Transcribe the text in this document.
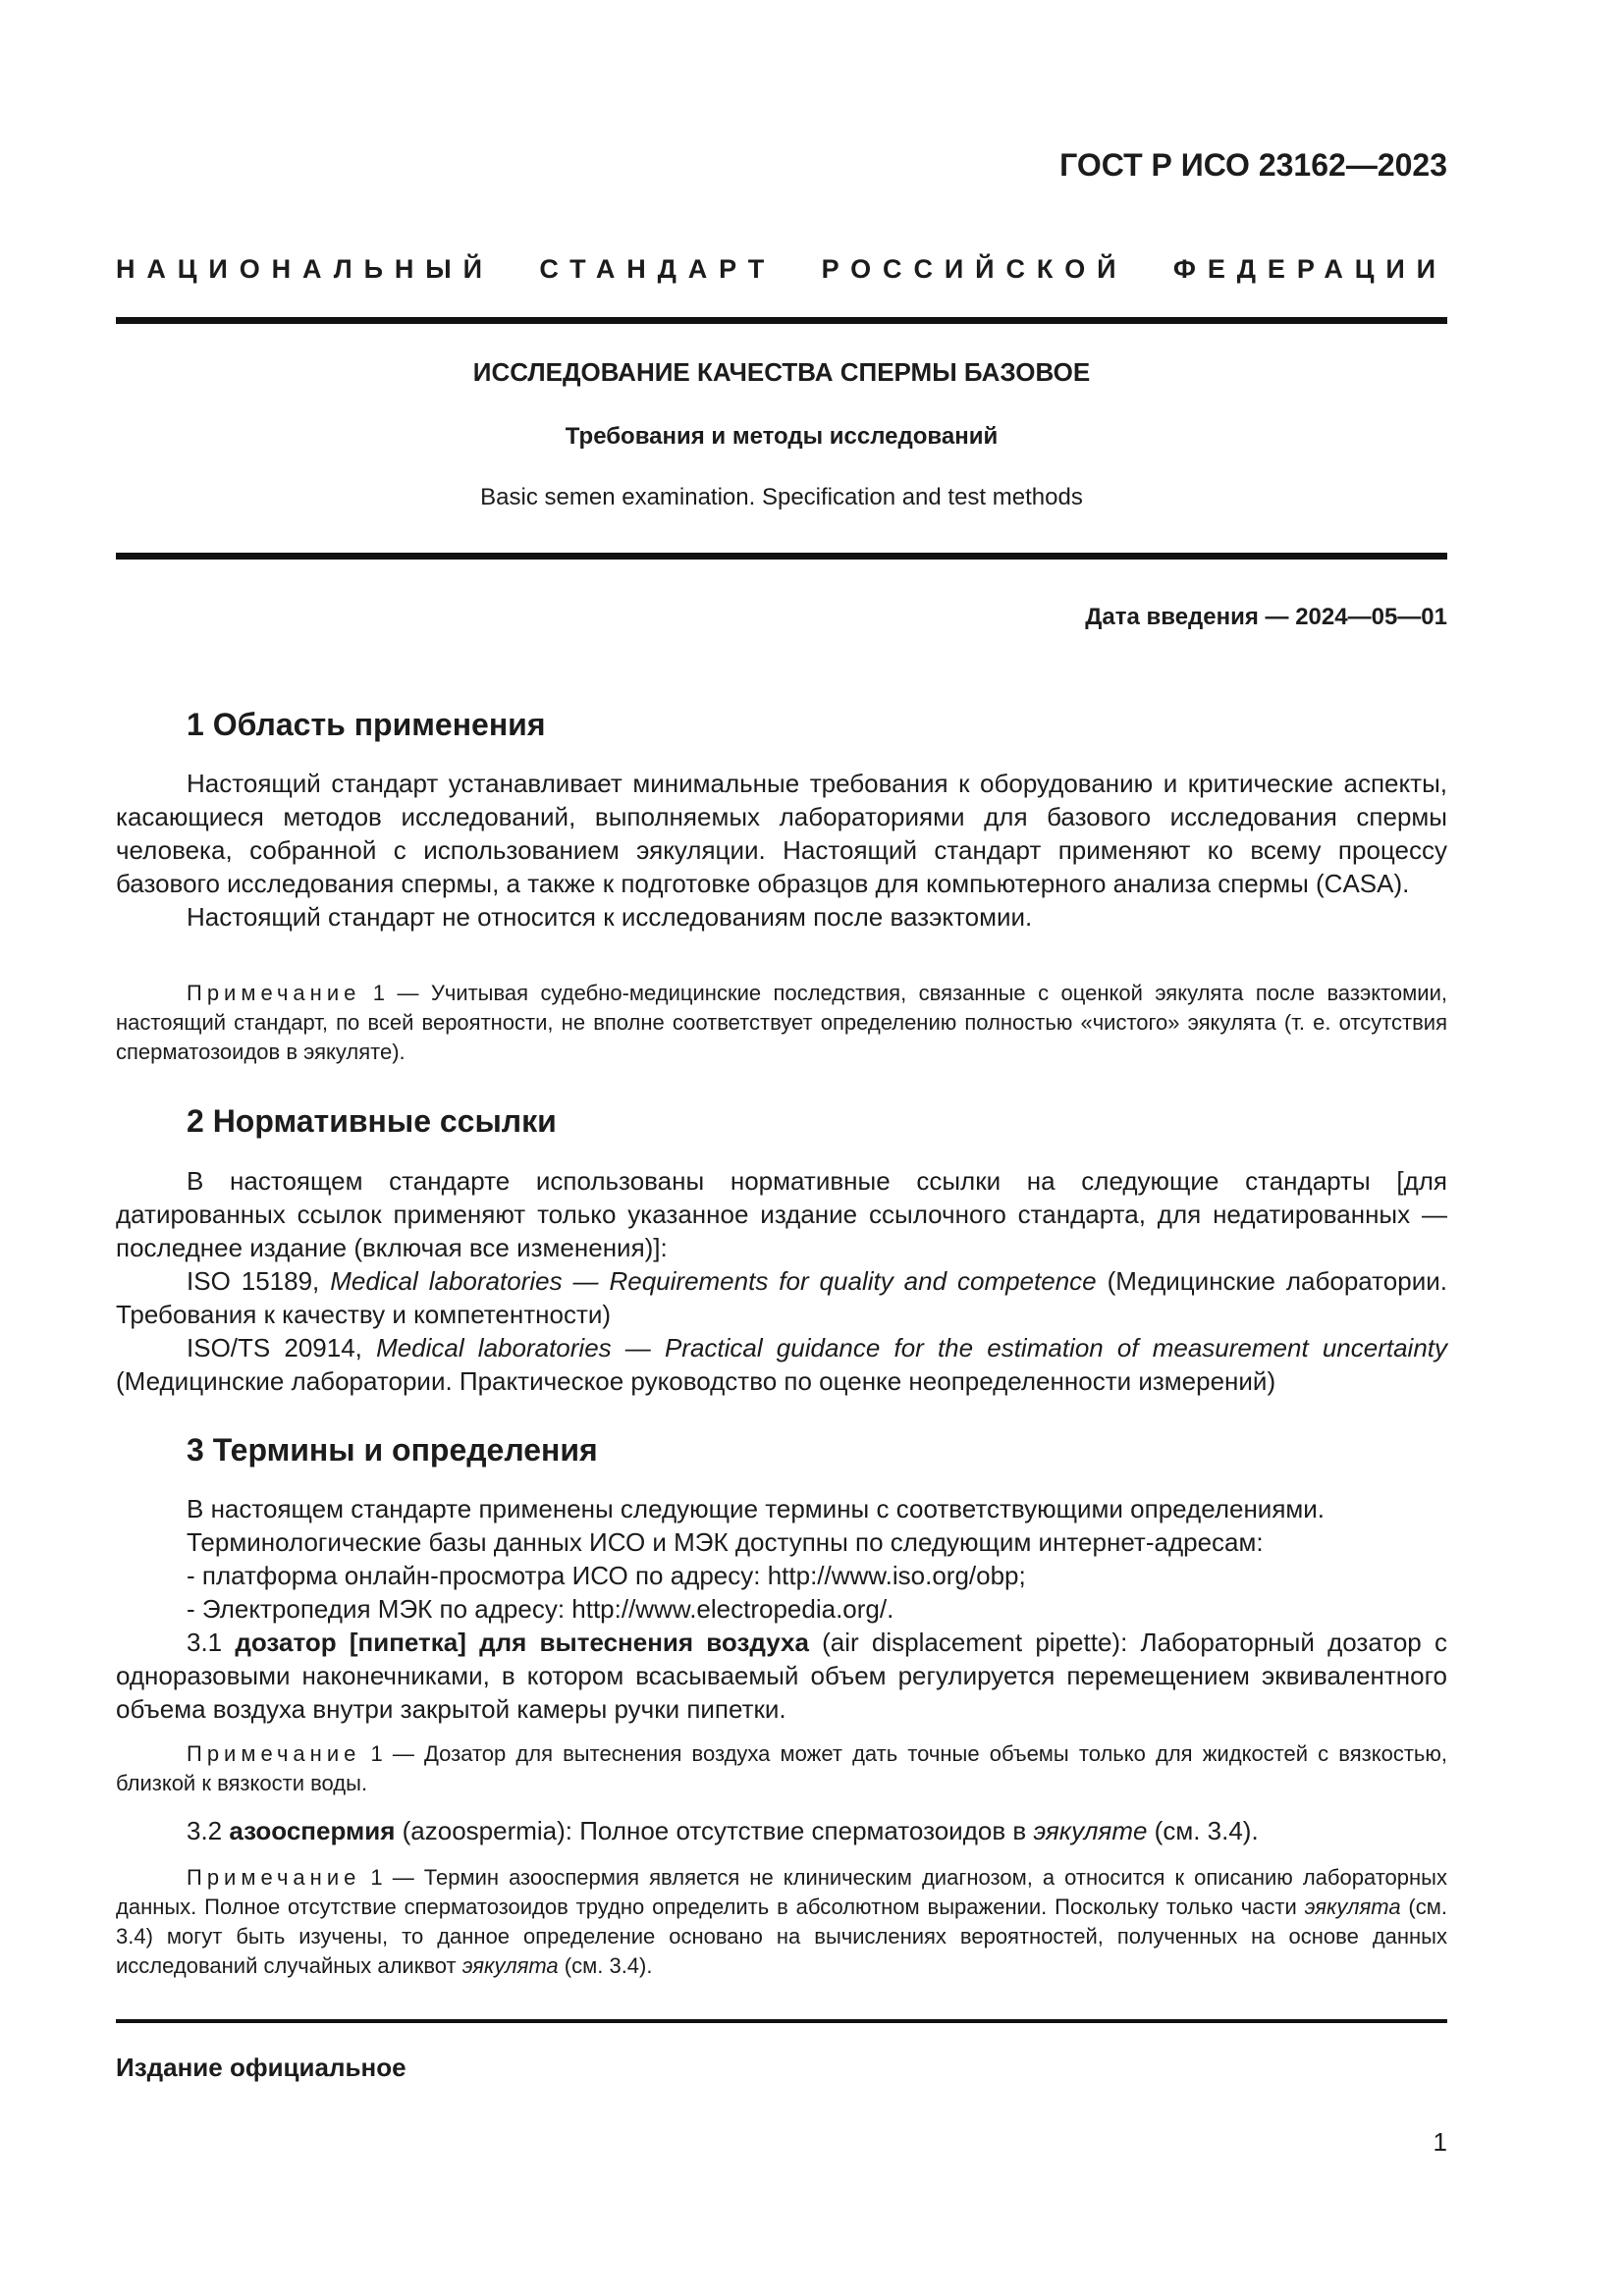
ГОСТ Р ИСО 23162—2023
НАЦИОНАЛЬНЫЙ СТАНДАРТ РОССИЙСКОЙ ФЕДЕРАЦИИ
ИССЛЕДОВАНИЕ КАЧЕСТВА СПЕРМЫ БАЗОВОЕ
Требования и методы исследований
Basic semen examination. Specification and test methods
Дата введения — 2024—05—01
1 Область применения

Настоящий стандарт устанавливает минимальные требования к оборудованию и критические аспекты, касающиеся методов исследований, выполняемых лабораториями для базового исследования спермы человека, собранной с использованием эякуляции. Настоящий стандарт применяют ко всему процессу базового исследования спермы, а также к подготовке образцов для компьютерного анализа спермы (CASA).

Настоящий стандарт не относится к исследованиям после вазэктомии.

Примечание 1 — Учитывая судебно-медицинские последствия, связанные с оценкой эякулята после вазэктомии, настоящий стандарт, по всей вероятности, не вполне соответствует определению полностью «чистого» эякулята (т. е. отсутствия сперматозоидов в эякуляте).

2 Нормативные ссылки

В настоящем стандарте использованы нормативные ссылки на следующие стандарты [для датированных ссылок применяют только указанное издание ссылочного стандарта, для недатированных — последнее издание (включая все изменения)]:

ISO 15189, Medical laboratories — Requirements for quality and competence (Медицинские лаборатории. Требования к качеству и компетентности)

ISO/TS 20914, Medical laboratories — Practical guidance for the estimation of measurement uncertainty (Медицинские лаборатории. Практическое руководство по оценке неопределенности измерений)

3 Термины и определения

В настоящем стандарте применены следующие термины с соответствующими определениями.

Терминологические базы данных ИСО и МЭК доступны по следующим интернет-адресам:

- платформа онлайн-просмотра ИСО по адресу: http://www.iso.org/obp;

- Электропедия МЭК по адресу: http://www.electropedia.org/.

3.1 дозатор [пипетка] для вытеснения воздуха (air displacement pipette): Лабораторный дозатор с одноразовыми наконечниками, в котором всасываемый объем регулируется перемещением эквивалентного объема воздуха внутри закрытой камеры ручки пипетки.

Примечание 1 — Дозатор для вытеснения воздуха может дать точные объемы только для жидкостей с вязкостью, близкой к вязкости воды.

3.2 азооспермия (azoospermia): Полное отсутствие сперматозоидов в эякуляте (см. 3.4).

Примечание 1 — Термин азооспермия является не клиническим диагнозом, а относится к описанию лабораторных данных. Полное отсутствие сперматозоидов трудно определить в абсолютном выражении. Поскольку только части эякулята (см. 3.4) могут быть изучены, то данное определение основано на вычислениях вероятностей, полученных на основе данных исследований случайных аликвот эякулята (см. 3.4).

Издание официальное
1
